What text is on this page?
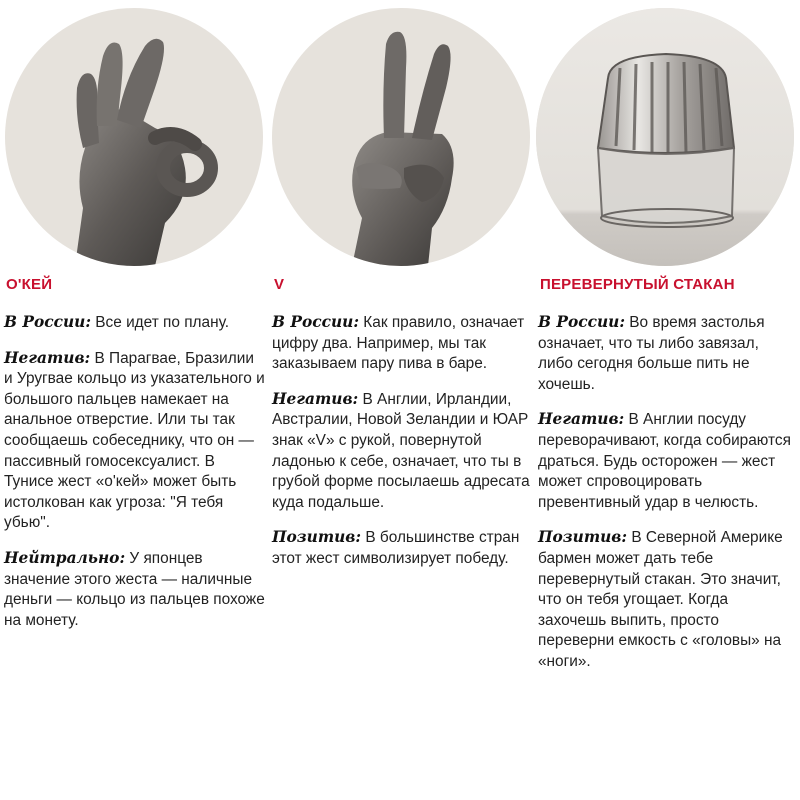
О'КЕЙ

В России: Все идет по плану.

Негатив: В Парагвае, Бразилии и Уругвае кольцо из указательного и большого пальцев намекает на анальное отверстие. Или ты так сообщаешь собеседнику, что он — пассивный гомосексуалист. В Тунисе жест «о'кей» может быть истолкован как угроза: "Я тебя убью".

Нейтрально: У японцев значение этого жеста — наличные деньги — кольцо из пальцев похоже на монету.

V

В России: Как правило, означает цифру два. Например, мы так заказываем пару пива в баре.

Негатив: В Англии, Ирландии, Австралии, Новой Зеландии и ЮАР знак «V» с рукой, повернутой ладонью к себе, означает, что ты в грубой форме посылаешь адресата куда подальше.

Позитив: В большинстве стран этот жест символизирует победу.

ПЕРЕВЕРНУТЫЙ СТАКАН

В России: Во время застолья означает, что ты либо завязал, либо сегодня больше пить не хочешь.

Негатив: В Англии посуду переворачивают, когда собираются драться. Будь осторожен — жест может спровоцировать превентивный удар в челюсть.

Позитив: В Северной Америке бармен может дать тебе перевернутый стакан. Это значит, что он тебя угощает. Когда захочешь выпить, просто переверни емкость с «головы» на «ноги».
